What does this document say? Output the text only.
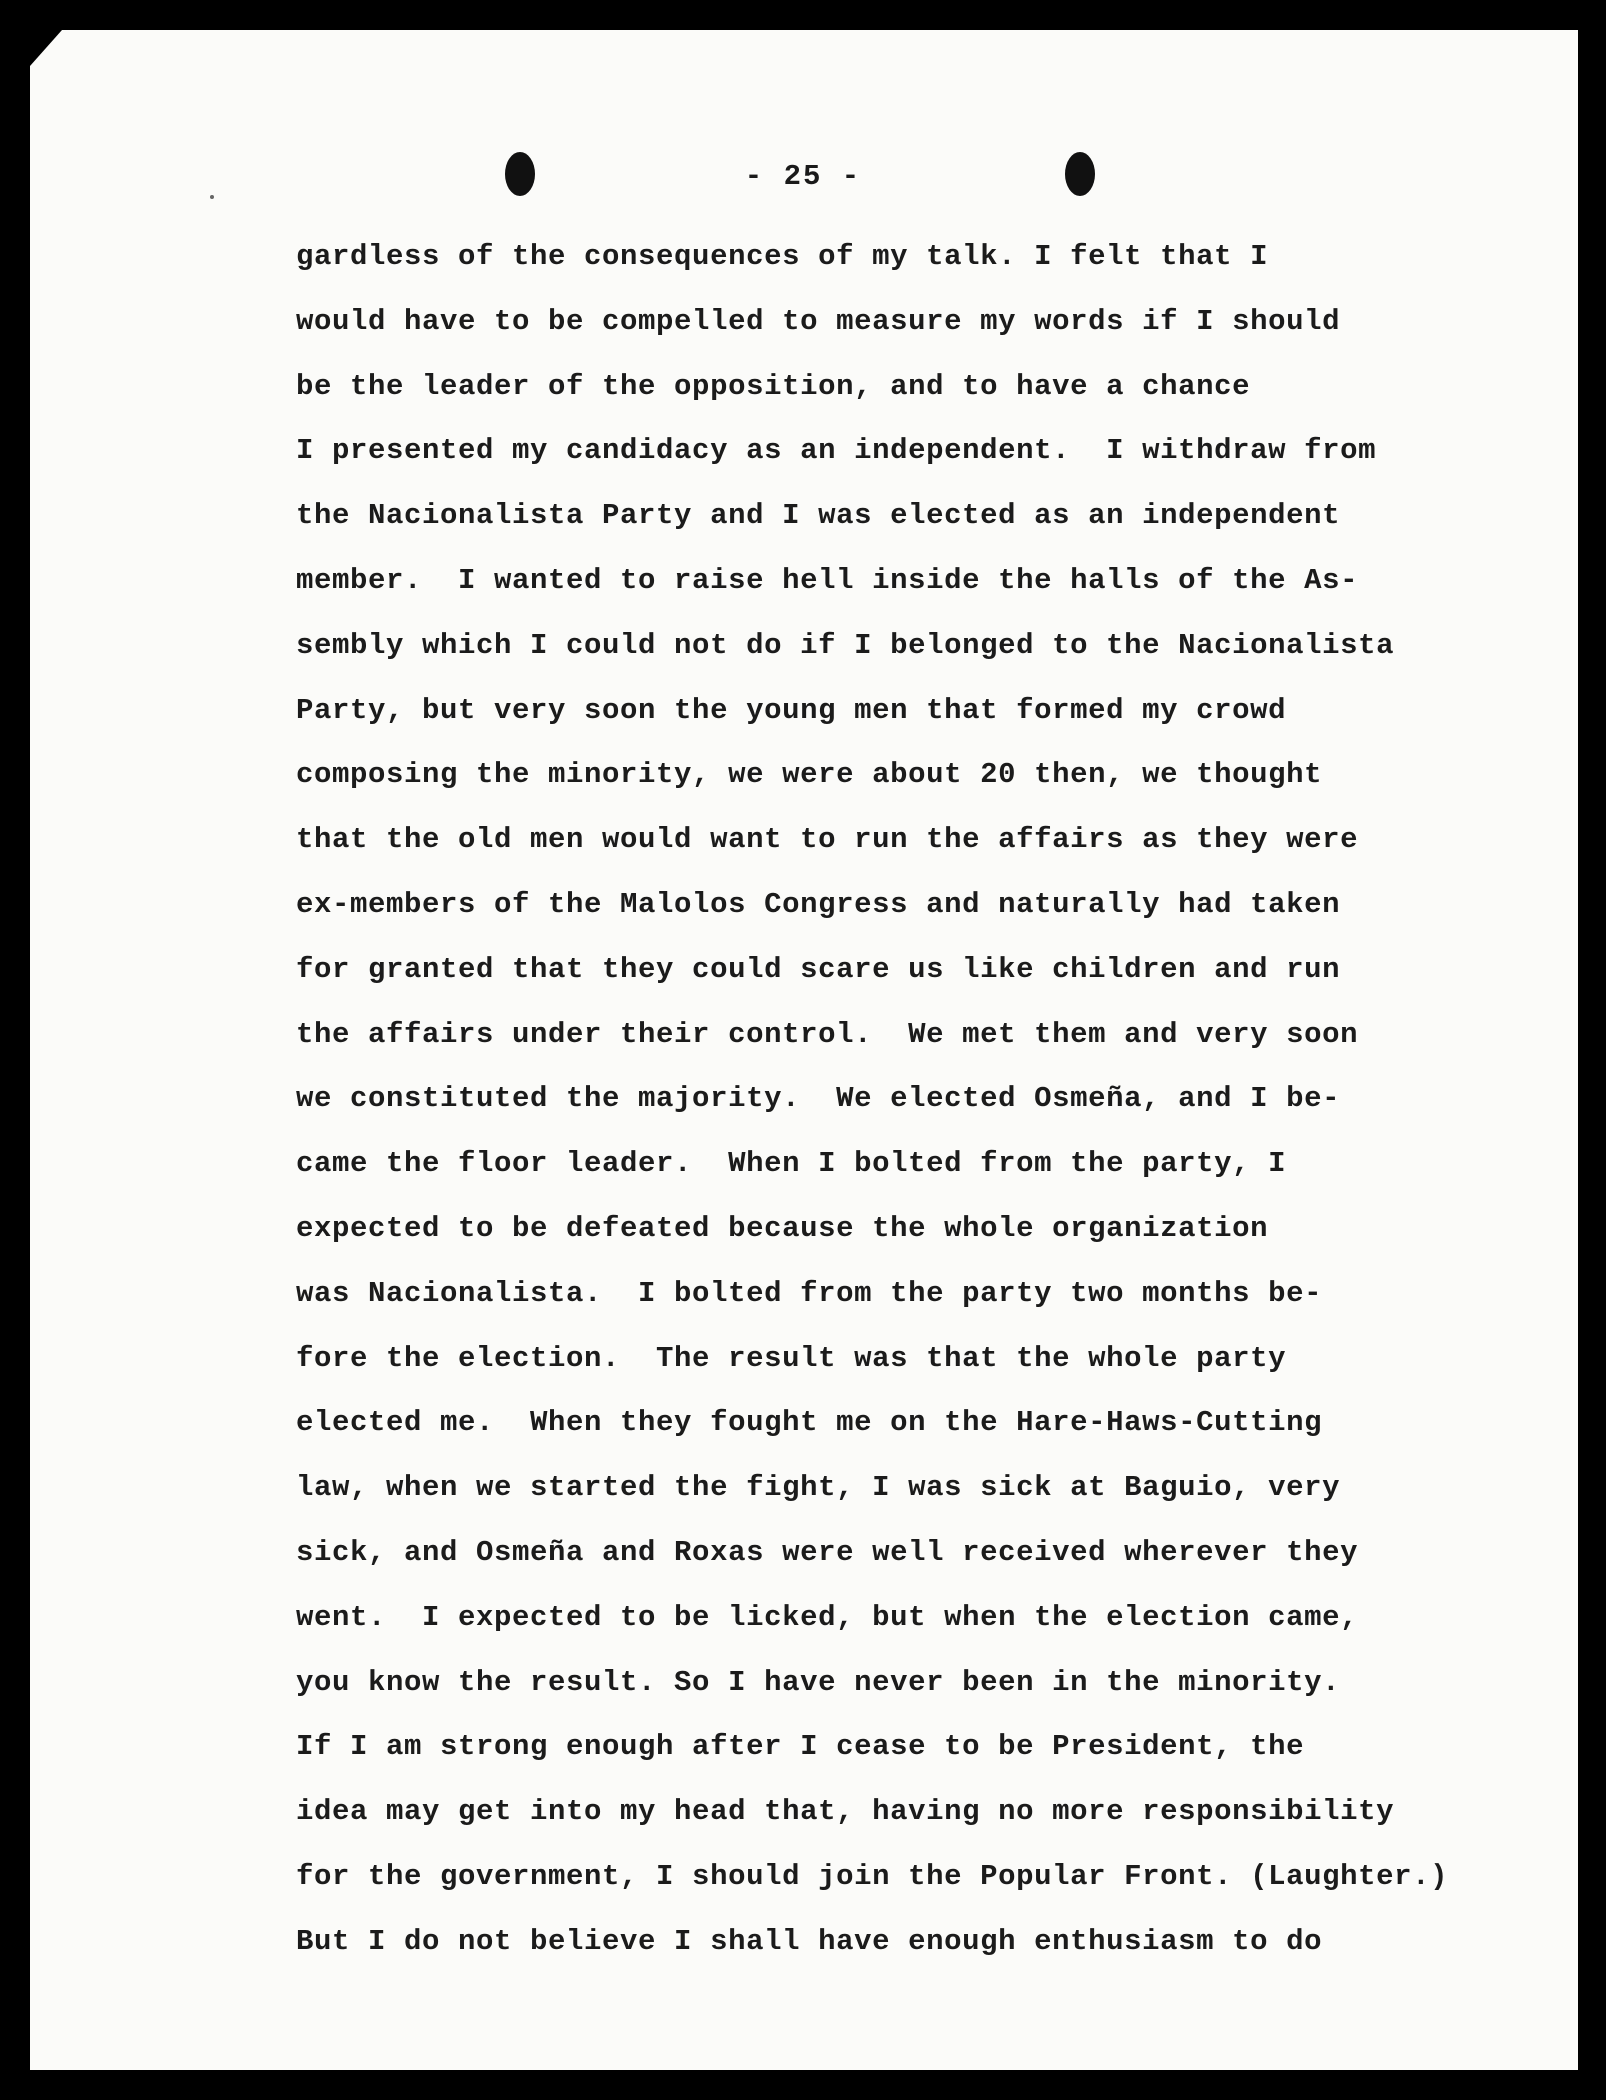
- 25 -
gardless of the consequences of my talk. I felt that I
would have to be compelled to measure my words if I should
be the leader of the opposition, and to have a chance
I presented my candidacy as an independent.  I withdraw from
the Nacionalista Party and I was elected as an independent
member.  I wanted to raise hell inside the halls of the As-
sembly which I could not do if I belonged to the Nacionalista
Party, but very soon the young men that formed my crowd
composing the minority, we were about 20 then, we thought
that the old men would want to run the affairs as they were
ex-members of the Malolos Congress and naturally had taken
for granted that they could scare us like children and run
the affairs under their control.  We met them and very soon
we constituted the majority.  We elected Osmeña, and I be-
came the floor leader.  When I bolted from the party, I
expected to be defeated because the whole organization
was Nacionalista.  I bolted from the party two months be-
fore the election.  The result was that the whole party
elected me.  When they fought me on the Hare-Haws-Cutting
law, when we started the fight, I was sick at Baguio, very
sick, and Osmeña and Roxas were well received wherever they
went.  I expected to be licked, but when the election came,
you know the result. So I have never been in the minority.
If I am strong enough after I cease to be President, the
idea may get into my head that, having no more responsibility
for the government, I should join the Popular Front. (Laughter.)
But I do not believe I shall have enough enthusiasm to do
